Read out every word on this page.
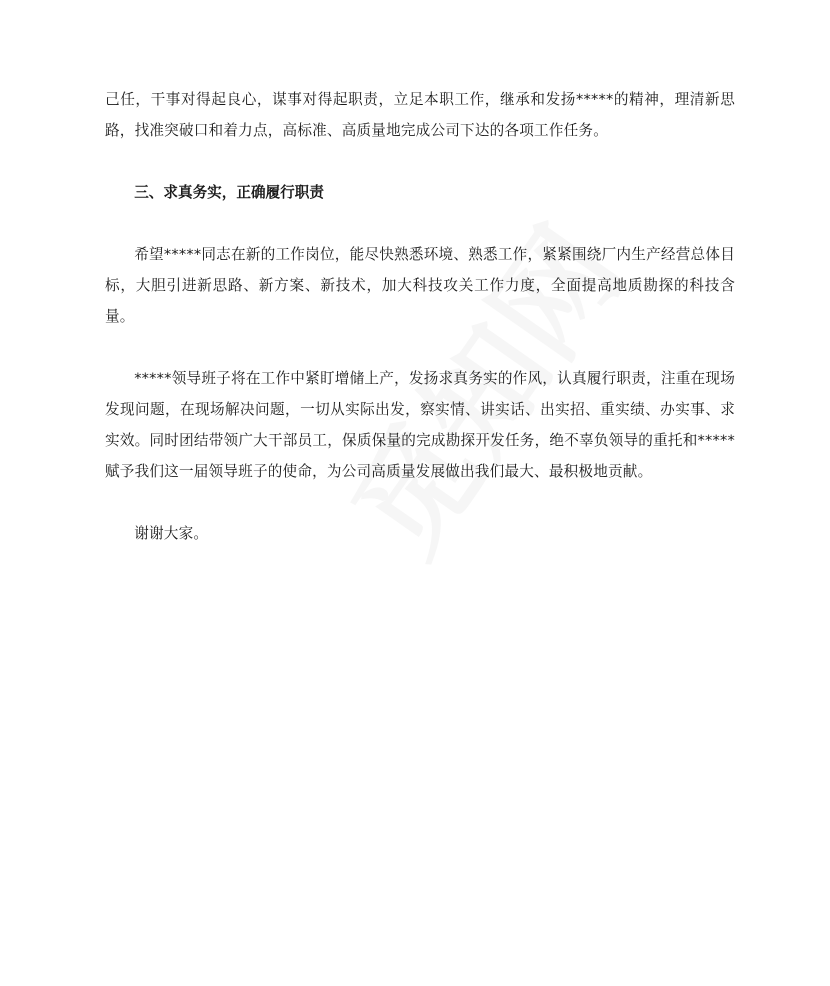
己任，干事对得起良心，谋事对得起职责，立足本职工作，继承和发扬*****的精神，理清新思路，找准突破口和着力点，高标准、高质量地完成公司下达的各项工作任务。

三、求真务实，正确履行职责

希望*****同志在新的工作岗位，能尽快熟悉环境、熟悉工作，紧紧围绕厂内生产经营总体目标，大胆引进新思路、新方案、新技术，加大科技攻关工作力度，全面提高地质勘探的科技含量。

*****领导班子将在工作中紧盯增储上产，发扬求真务实的作风，认真履行职责，注重在现场发现问题，在现场解决问题，一切从实际出发，察实情、讲实话、出实招、重实绩、办实事、求实效。同时团结带领广大干部员工，保质保量的完成勘探开发任务，绝不辜负领导的重托和*****赋予我们这一届领导班子的使命，为公司高质量发展做出我们最大、最积极地贡献。

谢谢大家。
